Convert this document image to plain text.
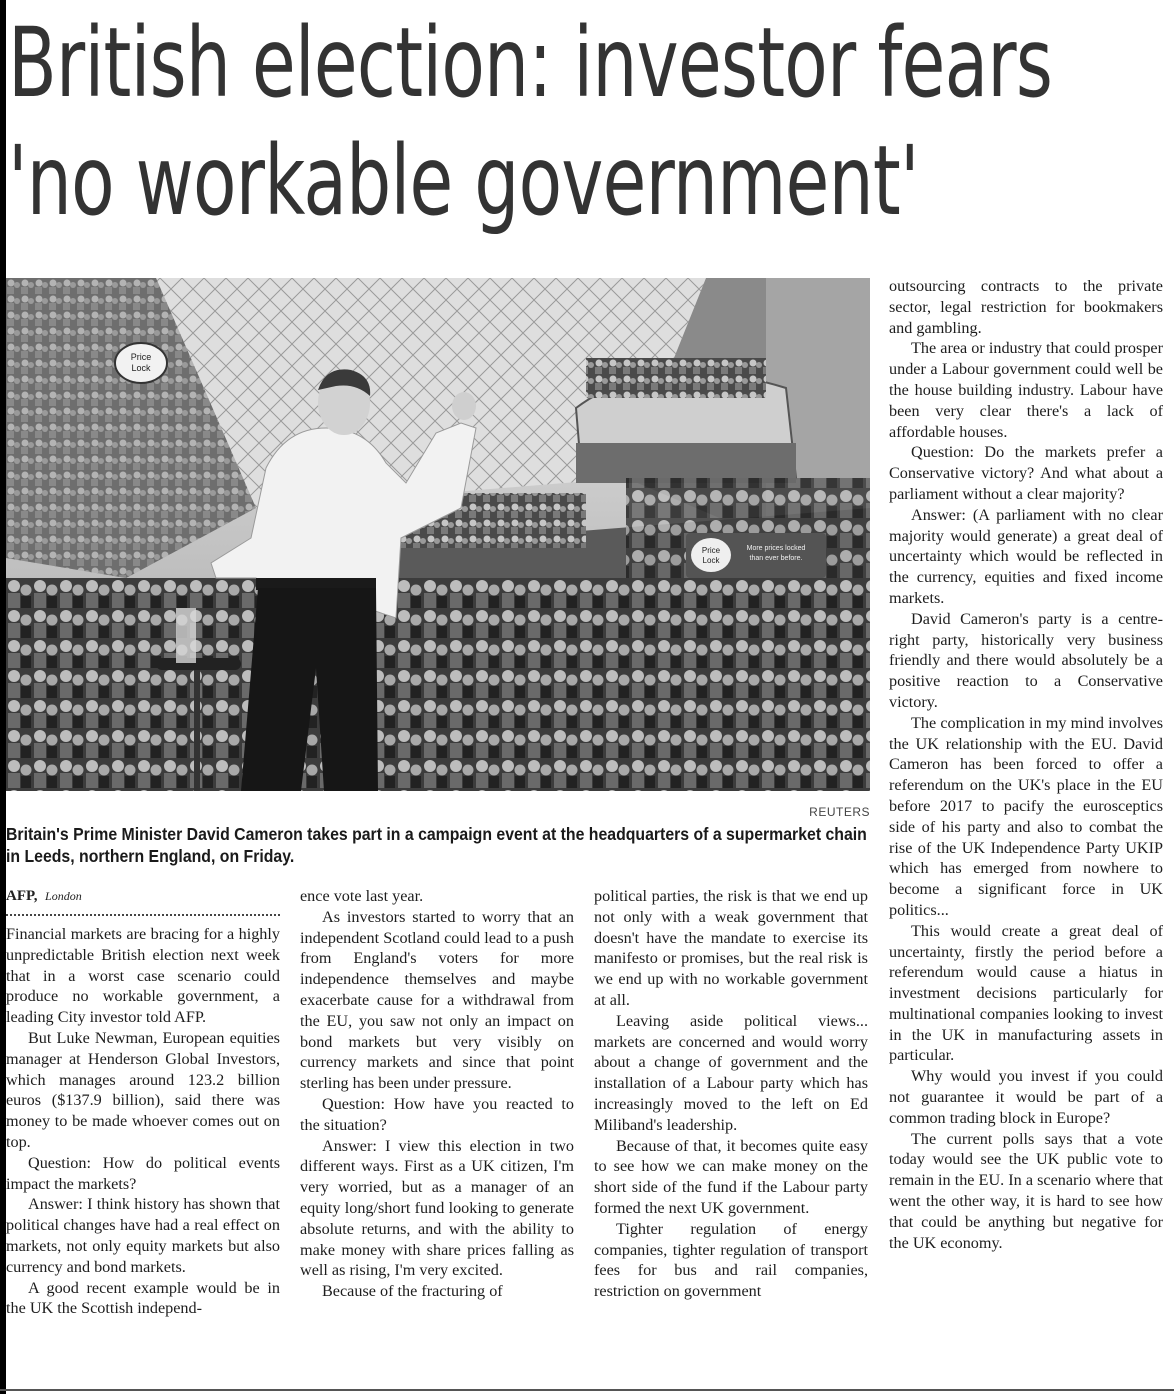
British election: investor fears
'no workable government'
Price
Lock
Price
Lock
More prices locked
than ever before.
REUTERS

Britain's Prime Minister David Cameron takes part in a campaign event at the headquarters of a supermarket chain in Leeds, northern England, on Friday.

AFP, London

Financial markets are bracing for a highly unpredictable British election next week that in a worst case scenario could produce no workable government, a leading City investor told AFP.

But Luke Newman, European equities manager at Henderson Global Investors, which manages around 123.2 billion euros ($137.9 billion), said there was money to be made whoever comes out on top.

Question: How do political events impact the markets?

Answer: I think history has shown that political changes have had a real effect on markets, not only equity markets but also currency and bond markets.

A good recent example would be in the UK the Scottish independ-

ence vote last year.

As investors started to worry that an independent Scotland could lead to a push from England's voters for more independence themselves and maybe exacerbate cause for a withdrawal from the EU, you saw not only an impact on bond markets but very visibly on currency markets and since that point sterling has been under pressure.

Question: How have you reacted to the situation?

Answer: I view this election in two different ways. First as a UK citizen, I'm very worried, but as a manager of an equity long/short fund looking to generate absolute returns, and with the ability to make money with share prices falling as well as rising, I'm very excited.

Because of the fracturing of

political parties, the risk is that we end up not only with a weak government that doesn't have the mandate to exercise its manifesto or promises, but the real risk is we end up with no workable government at all.

Leaving aside political views... markets are concerned and would worry about a change of government and the installation of a Labour party which has increasingly moved to the left on Ed Miliband's leadership.

Because of that, it becomes quite easy to see how we can make money on the short side of the fund if the Labour party formed the next UK government.

Tighter regulation of energy companies, tighter regulation of transport fees for bus and rail companies, restriction on government

outsourcing contracts to the private sector, legal restriction for bookmakers and gambling.

The area or industry that could prosper under a Labour government could well be the house building industry. Labour have been very clear there's a lack of affordable houses.

Question: Do the markets prefer a Conservative victory? And what about a parliament without a clear majority?

Answer: (A parliament with no clear majority would generate) a great deal of uncertainty which would be reflected in the currency, equities and fixed income markets.

David Cameron's party is a centre-right party, historically very business friendly and there would absolutely be a positive reaction to a Conservative victory.

The complication in my mind involves the UK relationship with the EU. David Cameron has been forced to offer a referendum on the UK's place in the EU before 2017 to pacify the eurosceptics side of his party and also to combat the rise of the UK Independence Party UKIP which has emerged from nowhere to become a significant force in UK politics...

This would create a great deal of uncertainty, firstly the period before a referendum would cause a hiatus in investment decisions particularly for multinational companies looking to invest in the UK in manufacturing assets in particular.

Why would you invest if you could not guarantee it would be part of a common trading block in Europe?

The current polls says that a vote today would see the UK public vote to remain in the EU. In a scenario where that went the other way, it is hard to see how that could be anything but negative for the UK economy.
